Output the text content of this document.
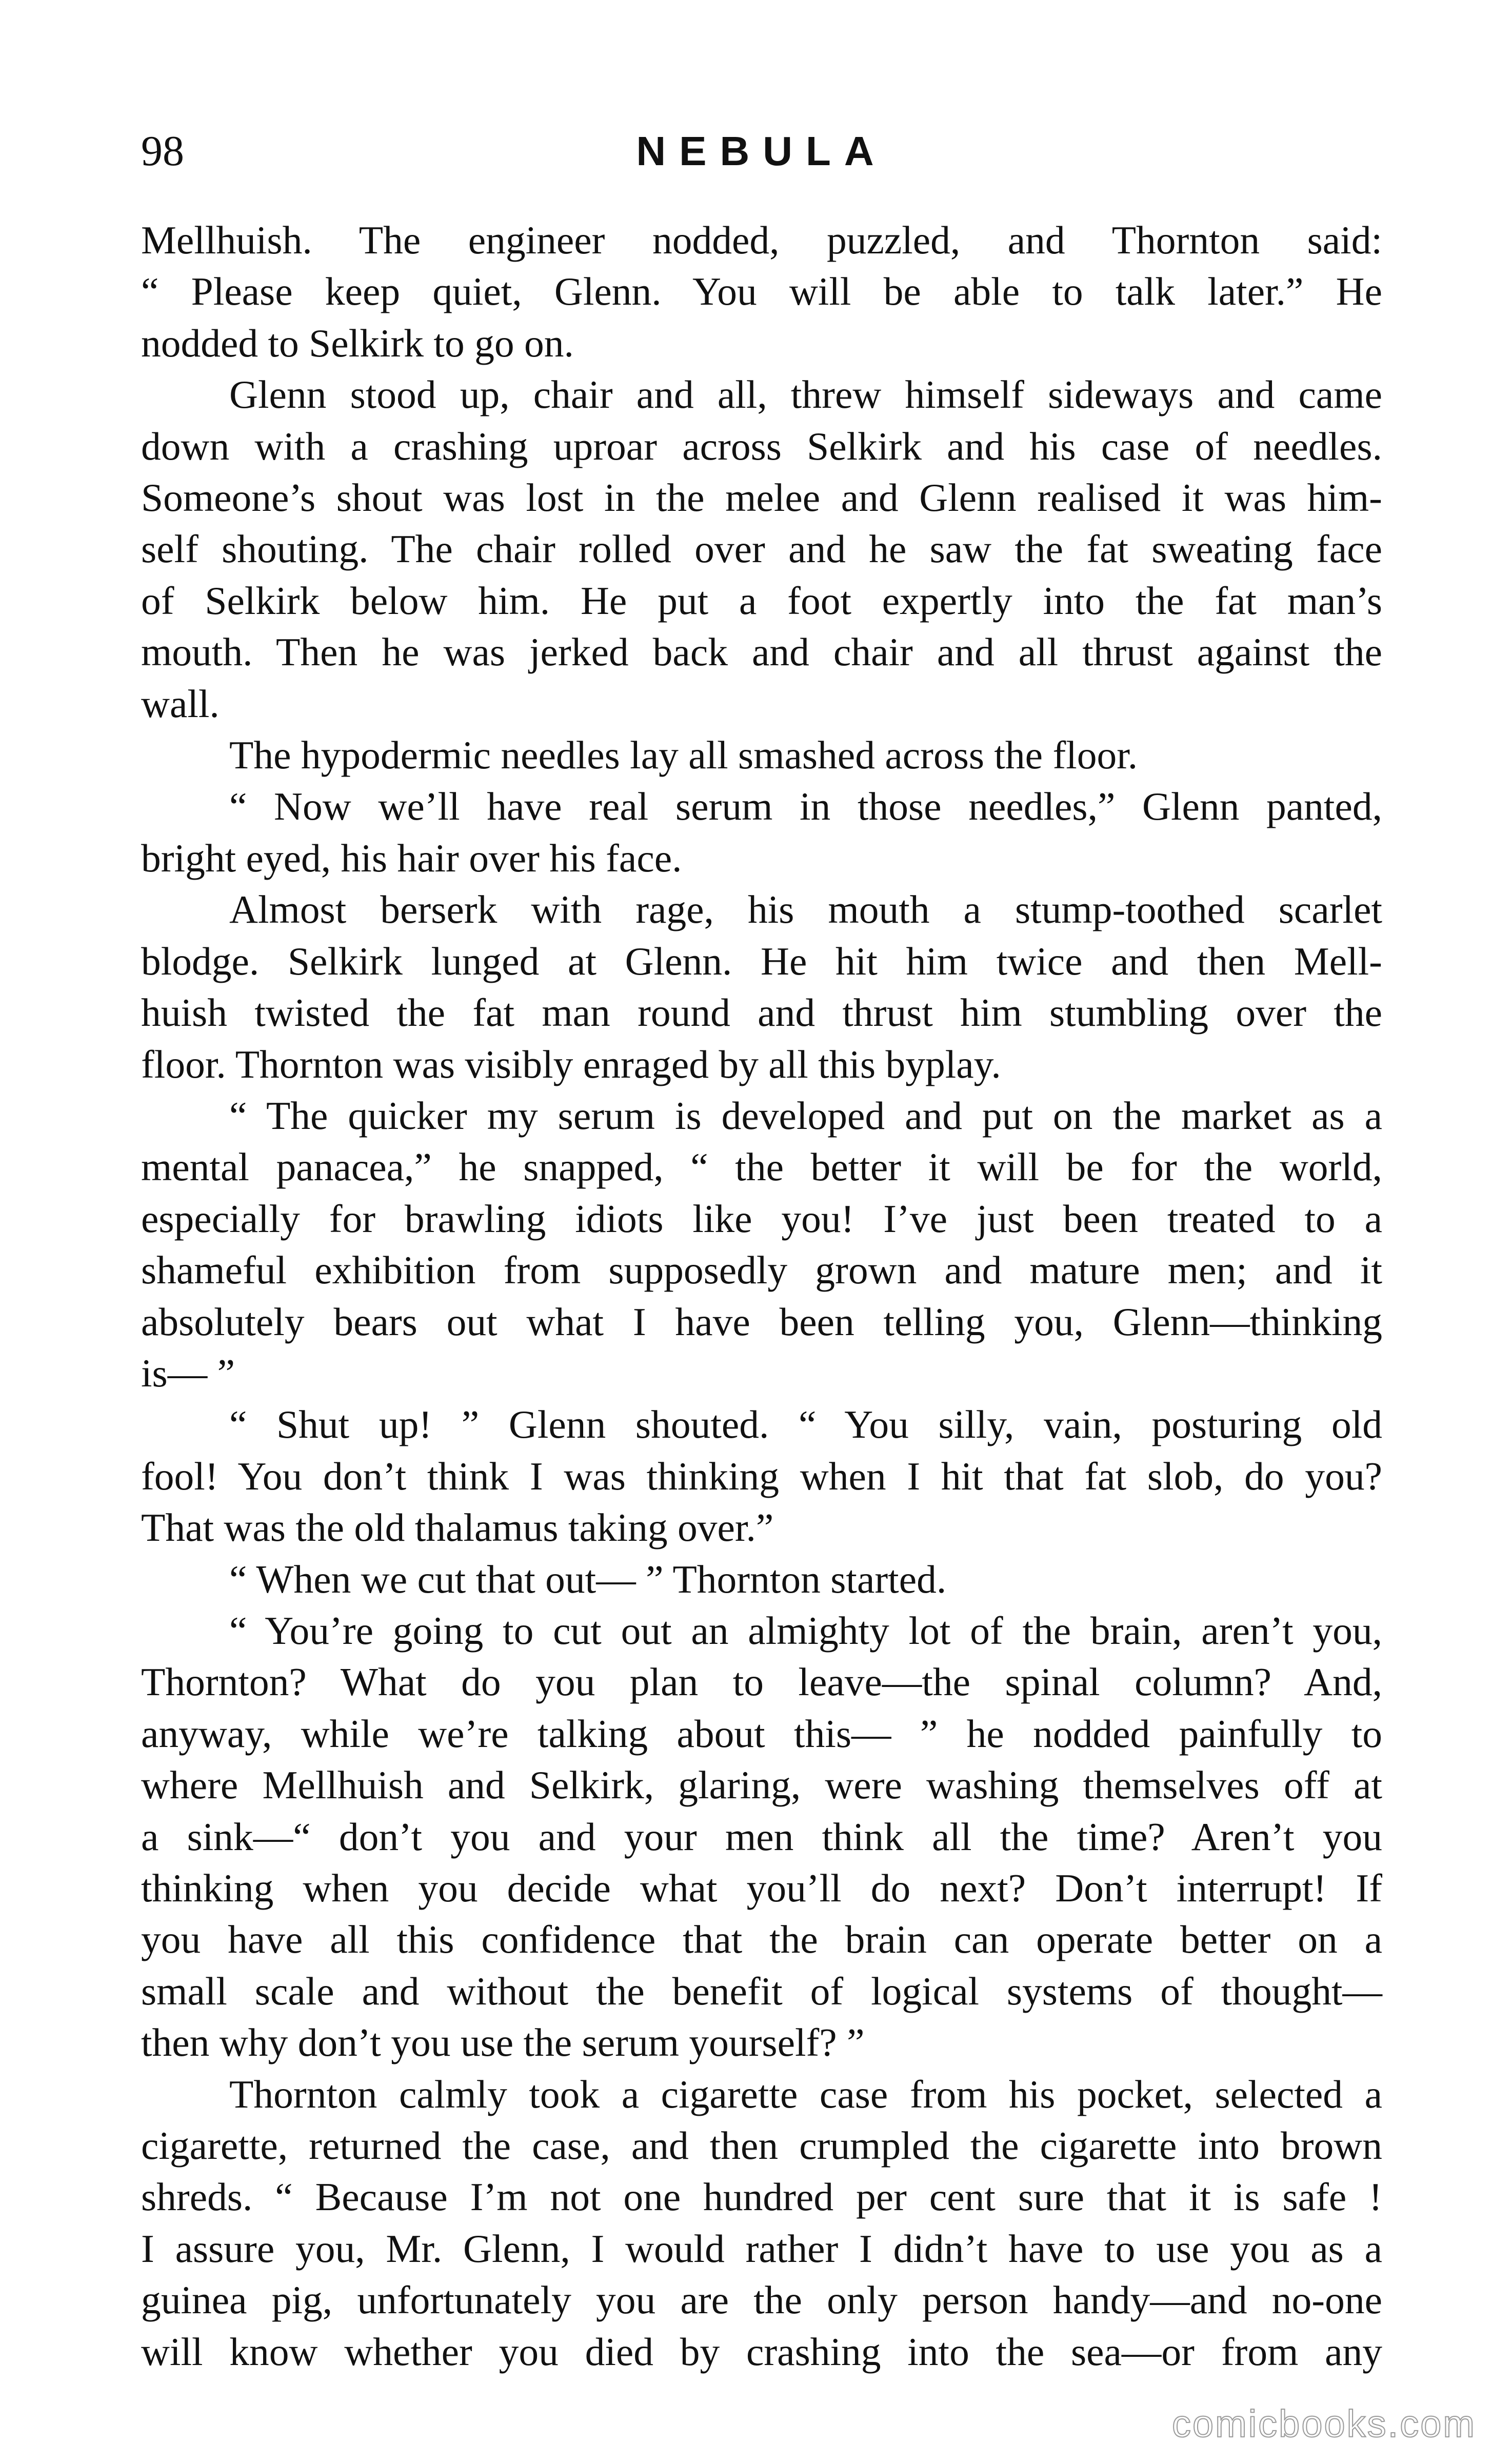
98	NEBULA
Mellhuish. The engineer nodded, puzzled, and Thornton said:
“ Please keep quiet, Glenn. You will be able to talk later.” He
nodded to Selkirk to go on.
Glenn stood up, chair and all, threw himself sideways and came
down with a crashing uproar across Selkirk and his case of needles.
Someone’s shout was lost in the melee and Glenn realised it was him-
self shouting. The chair rolled over and he saw the fat sweating face
of Selkirk below him. He put a foot expertly into the fat man’s
mouth. Then he was jerked back and chair and all thrust against the
wall.
The hypodermic needles lay all smashed across the floor.
“ Now we’ll have real serum in those needles,” Glenn panted,
bright eyed, his hair over his face.
Almost berserk with rage, his mouth a stump-toothed scarlet
blodge. Selkirk lunged at Glenn. He hit him twice and then Mell-
huish twisted the fat man round and thrust him stumbling over the
floor. Thornton was visibly enraged by all this byplay.
“ The quicker my serum is developed and put on the market as a
mental panacea,” he snapped, “ the better it will be for the world,
especially for brawling idiots like you! I’ve just been treated to a
shameful exhibition from supposedly grown and mature men; and it
absolutely bears out what I have been telling you, Glenn—thinking
is— ”
“ Shut up! ” Glenn shouted. “ You silly, vain, posturing old
fool! You don’t think I was thinking when I hit that fat slob, do you?
That was the old thalamus taking over.”
“ When we cut that out— ” Thornton started.
“ You’re going to cut out an almighty lot of the brain, aren’t you,
Thornton? What do you plan to leave—the spinal column? And,
anyway, while we’re talking about this— ” he nodded painfully to
where Mellhuish and Selkirk, glaring, were washing themselves off at
a sink—“ don’t you and your men think all the time? Aren’t you
thinking when you decide what you’ll do next? Don’t interrupt! If
you have all this confidence that the brain can operate better on a
small scale and without the benefit of logical systems of thought—
then why don’t you use the serum yourself? ”
Thornton calmly took a cigarette case from his pocket, selected a
cigarette, returned the case, and then crumpled the cigarette into brown
shreds. “ Because I’m not one hundred per cent sure that it is safe !
I assure you, Mr. Glenn, I would rather I didn’t have to use you as a
guinea pig, unfortunately you are the only person handy—and no-one
will know whether you died by crashing into the sea—or from any
comicbooks.com
